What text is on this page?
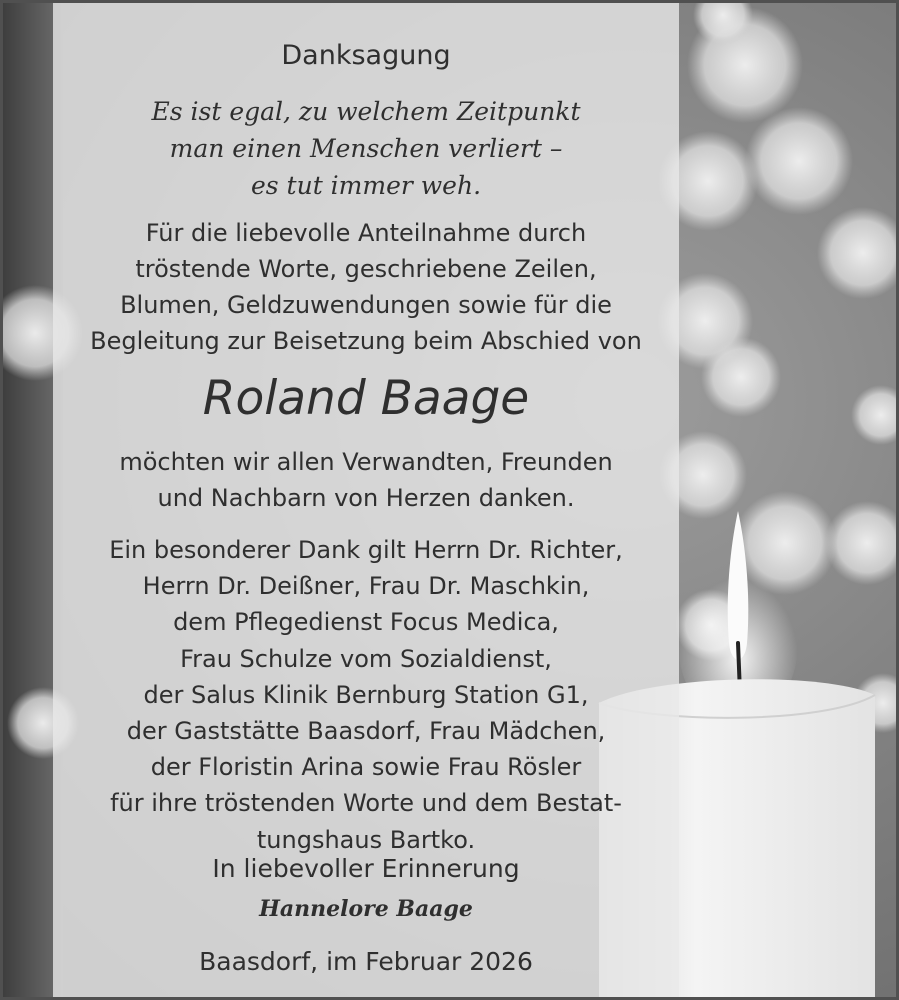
Danksagung
Es ist egal, zu welchem Zeitpunkt
man einen Menschen verliert –
es tut immer weh.
Für die liebevolle Anteilnahme durch
tröstende Worte, geschriebene Zeilen,
Blumen, Geldzuwendungen sowie für die
Begleitung zur Beisetzung beim Abschied von
Roland Baage
möchten wir allen Verwandten, Freunden
und Nachbarn von Herzen danken.
Ein besonderer Dank gilt Herrn Dr. Richter,
Herrn Dr. Deißner, Frau Dr. Maschkin,
dem Pflegedienst Focus Medica,
Frau Schulze vom Sozialdienst,
der Salus Klinik Bernburg Station G1,
der Gaststätte Baasdorf, Frau Mädchen,
der Floristin Arina sowie Frau Rösler
für ihre tröstenden Worte und dem Bestat-
tungshaus Bartko.
In liebevoller Erinnerung
Hannelore Baage
Baasdorf, im Februar 2026
